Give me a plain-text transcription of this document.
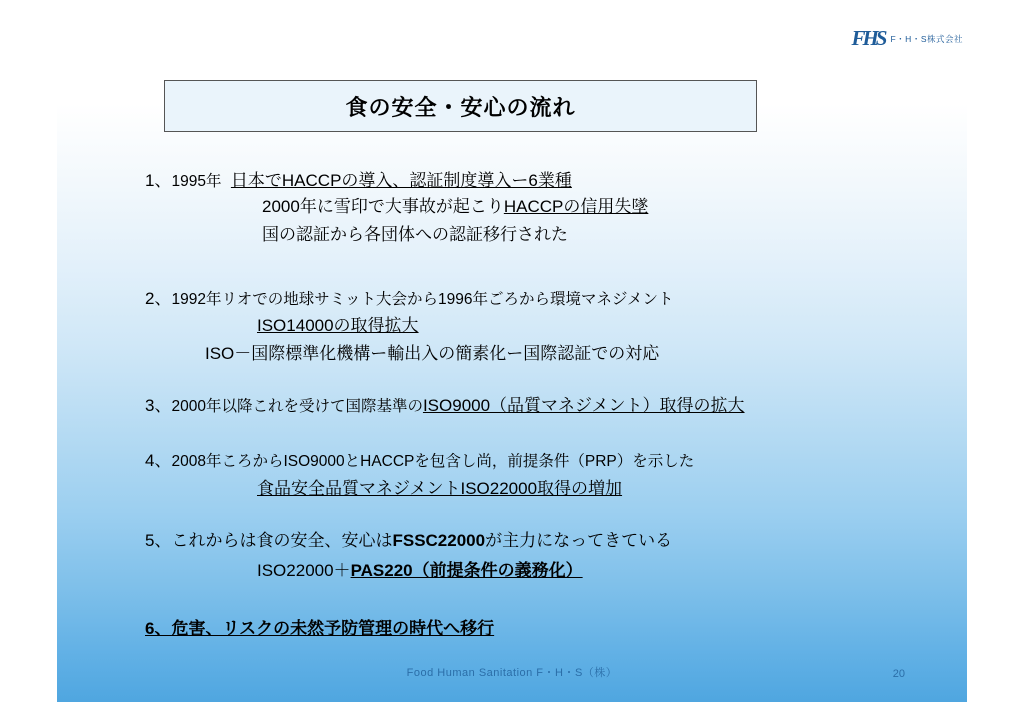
FHS F・H・S株式会社
食の安全・安心の流れ
1、1995年 日本でHACCPの導入、認証制度導入ー6業種
2000年に雪印で大事故が起こりHACCPの信用失墜
国の認証から各団体への認証移行された
2、1992年リオでの地球サミット大会から1996年ごろから環境マネジメント
ISO14000の取得拡大
ISO－国際標準化機構ー輸出入の簡素化ー国際認証での対応
3、2000年以降これを受けて国際基準のISO9000（品質マネジメント）取得の拡大
4、2008年ころからISO9000とHACCPを包含し尚，前提条件（PRP）を示した
食品安全品質マネジメントISO22000取得の増加
5、これからは食の安全、安心はFSSC22000が主力になってきている
ISO22000＋PAS220（前提条件の義務化）
6、危害、リスクの未然予防管理の時代へ移行
Food Human Sanitation F・H・S（株）	20
